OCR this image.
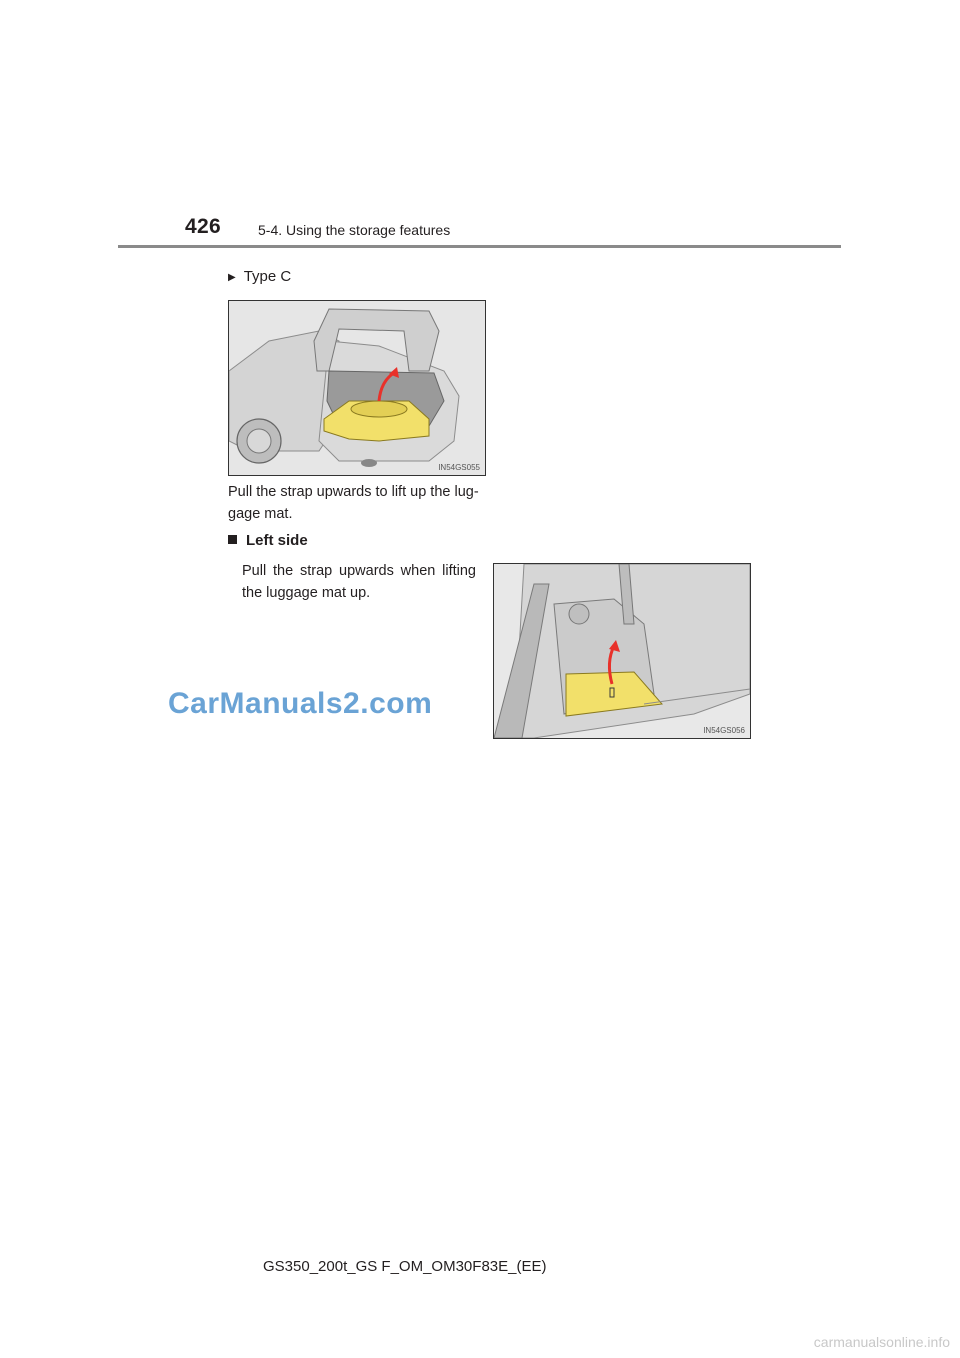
426	5-4. Using the storage features
▶ Type C
IN54GS055
Pull the strap upwards to lift up the lug-
gage mat.
Left side
Pull the strap upwards when lifting the luggage mat up.
IN54GS056
CarManuals2.com
GS350_200t_GS F_OM_OM30F83E_(EE)
carmanualsonline.info
